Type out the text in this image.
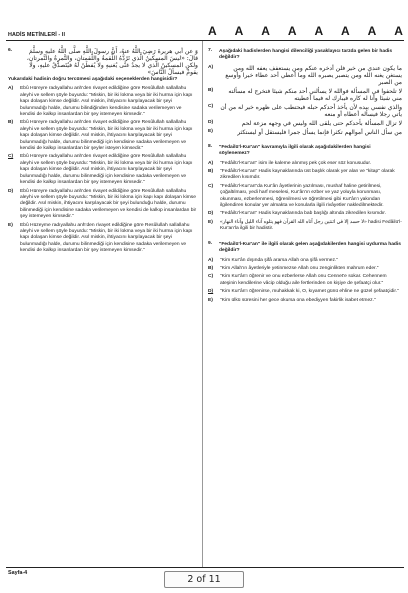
HADİS METİNLERİ - II	A A A A A A A A
6.	وَ عن أبي هريرةَ رَضِيَ اللَّهُ عنهُ، أَنَّ رسولَ اللَّهِ صلَّى اللَّهُ عليهِ وسلَّمَ قالَ: «ليسَ المسكينُ الَّذي تَرُدُّهُ اللُّقمةُ واللُّقمتانِ، والتَّمرةُ والتَّمرتانِ، ولكنِ المسكينُ الَّذي لا يجدُ غنًى يُغنيهِ ولا يُفطَنُ لهُ فيُتَصدَّقُ عليهِ، ولا يقومُ فيسألُ النَّاسَ»
Yukarıdaki hadisin doğru tercümesi aşağıdaki seçeneklerden hangisidir?
A)	Ebû Hüreyre radıyallahu anh'den rivayet edildiğine göre Resûlullah sallallahu aleyhi ve sellem şöyle buyurdu: "Miskin, bir iki lokma veya bir iki hurma için kapı kapı dolaşan kimse değildir. Asıl miskin, ihtiyacını karşılayacak bir şeyi bulunmadığı halde, durumu bilindiğinden kendisine sadaka verilemeyen ve kendisi de kalkıp insanlardan bir şey istemeyen kimsedir."
B)	Ebû Hüreyre radıyallahu anh'den rivayet edildiğine göre Resûlullah sallallahu aleyhi ve sellem şöyle buyurdu: "Miskin, bir iki lokma veya bir iki hurma için kapı kapı dolaşan kimse değildir. Asıl miskin, ihtiyacını karşılayacak bir şeyi bulunmadığı halde, durumu bilinmediği için kendisine sadaka verilemeyen ve kendisi de kalkıp insanlardan bir şeyler isteyen kimsedir."
C)	Ebû Hüreyre radıyallahu anh'den rivayet edildiğine göre Resûlullah sallallahu aleyhi ve sellem şöyle buyurdu: "Miskin, bir iki lokma veya bir iki hurma için kapı kapı dolaşan kimse değildir. Asıl miskin, ihtiyacını karşılayacak bir şeyi bulunmadığı halde, durumu bilinmediği için kendisine sadaka verilemeyen ve kendisi de kalkıp insanlardan bir şey istemeyen kimsedir."
D)	Ebû Hüreyre radıyallahu anh'den rivayet edildiğine göre Resûlullah sallallahu aleyhi ve sellem şöyle buyurdu: "Miskin, bir iki lokma için kapı kapı dolaşan kimse değildir. Asıl miskin, ihtiyacını karşılayacak bir şeyi bulunduğu halde, durumu bilinmediği için kendisine sadaka verilemeyen ve kendisi de kalkıp insanlardan bir şey istemeyen kimsedir."
E)	Ebû Hüzeyme radıyallahu anh'den rivayet edildiğine göre Resûlullah sallallahu aleyhi ve sellem şöyle buyurdu: "Miskin, bir iki lokma veya bir iki hurma için kapı kapı dolaşan kimse değildir. Asıl miskin, ihtiyacını karşılayacak bir şeyi bulunmadığı halde, durumu bilinmediği için kendisine sadaka verilemeyen ve kendisi de kalkıp insanlardan bir şey istemeyen kimsedir."
7.	Aşağıdaki hadislerden hangisi dilenciliği yasaklayıcı tarzda gelen bir hadis değildir?
A)	ما يكون عندي من خير فلن أدخره عنكم ومن يستعفف يعفه الله ومن يستغن يغنه الله ومن يتصبر يصبره الله وما أعطي أحد عطاء خيرا وأوسع من الصبر
B)	لا تلحفوا في المسألة فوالله لا يسألني أحد منكم شيئا فتخرج له مسألته مني شيئا وأنا له كاره فيبارك له فيما أعطيته
C)	والذي نفسي بيده لأن يأخذ أحدكم حبله فيحتطب على ظهره خير له من أن يأتي رجلا فيسأله أعطاه أو منعه
D)	لا تزال المسألة بأحدكم حتى يلقى الله وليس في وجهه مزعة لحم
E)	من سأل الناس أموالهم تكثرا فإنما يسأل جمرا فليستقل أو ليستكثر
8.	"Fedailü'l-Kur'an" kavramıyla ilgili olarak aşağıdakilerden hangisi söylenemez?
A)	"Fedâilü'l-Kur'an" isim ile kaleme alınmış pek çok eser söz konusudur.
B)	"Fedâilü'l-Kur'an" Hadis kaynaklarında üst başlık olarak yer alan ve "kitap" olarak zikredilen kısımdır.
C)	"Fedâilü'l-Kur'an"da Kur'ân âyetlerinin yazılması, mushaf haline getirilmesi, çoğaltılması, yedi harf meselesi, Kur'ân'ın ezber ve yaz yoluyla korunması, okunması, ezberlenmesi, öğrenilmesi ve öğretilmesi gibi Kur'ân'ı yakından ilgilendiren konular yer almakta ve konularla ilgili rivâyetler nakledilmektedir.
D)	"Fedâilü'l-Kur'an" Hadis kaynaklarında bab başlığı altında zikredilen kısımdır.
E)	«لا حسد إلا في اثنتين رجل آتاه الله القرآن فهو يتلوه آناء الليل وآناء النهار» hadisi Fedâilü'l-Kur'an'la ilgili bir hadistir.
9.	"Fedailü'l-Kur'an" ile ilgili olarak gelen aşağıdakilerden hangisi uydurma hadis değildir?
A)	"Kim Kur'ân dışında şifâ ararsa Allah ona şifâ vermez."
B)	"Kim Allah'ın âyetleriyle yetinmezse Allah onu zenginlikten mahrum eder."
C)	"Kim Kur'ân'ı öğrenir ve onu ezberlerse Allah onu Cennet'e sokar. Cehennem ateşinin kendilerine vâcip olduğu aile fertlerinden on kişiye de şefaatçi olur."
D)	"Kim Kur'ân'ı öğrenirse, muhakkak ki, O, kıyamet günü ehline ne güzel şefaatçidir."
E)	"Kim ülkü süresini her gece okursa ona ebediyyen fakirlik isabet etmez."
Sayfa-4
2 of 11
